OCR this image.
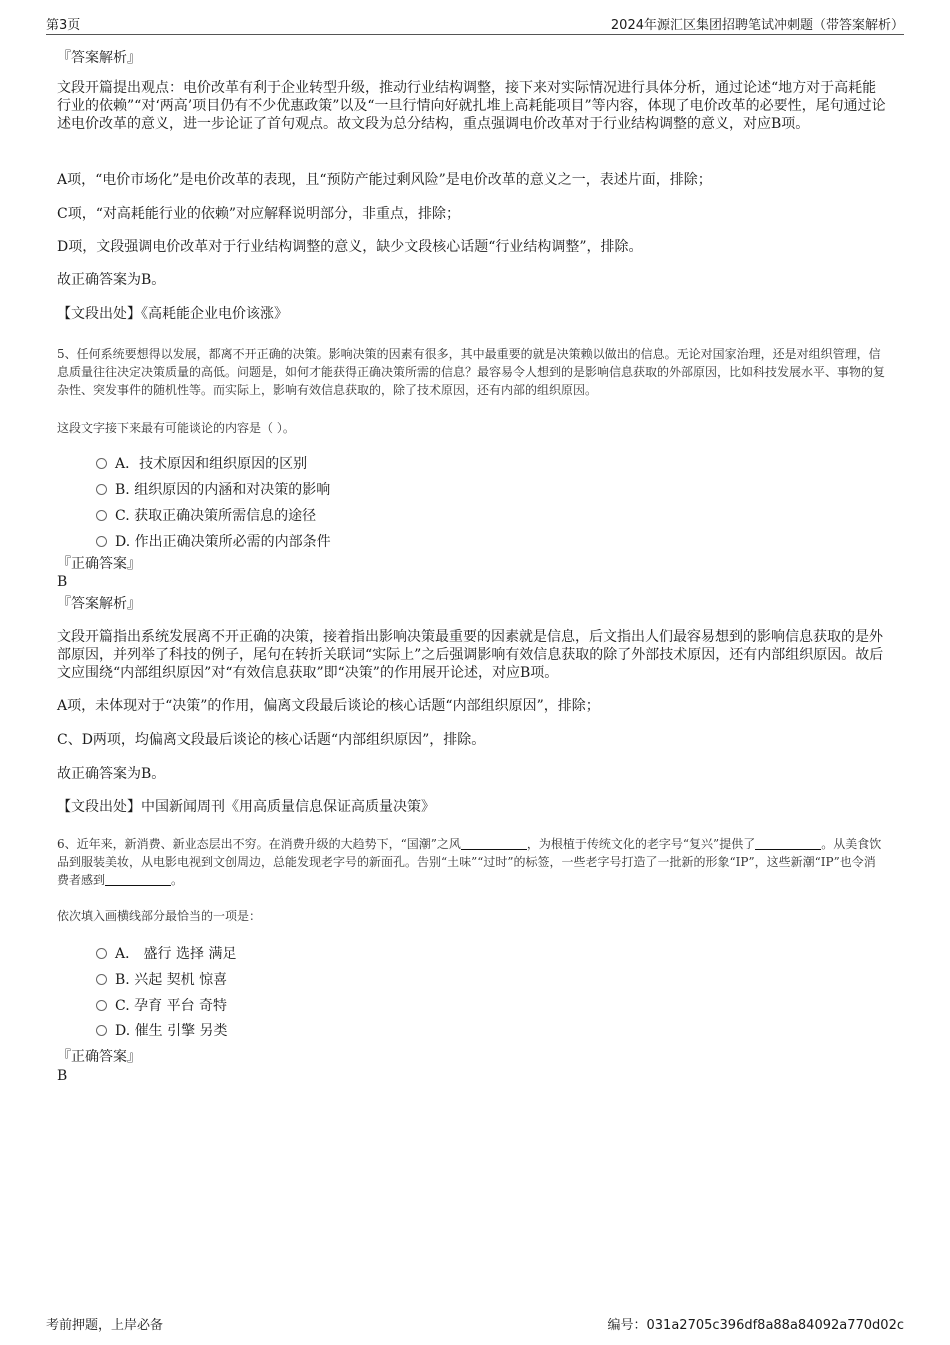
第3页	2024年源汇区集团招聘笔试冲刺题（带答案解析）
『答案解析』
文段开篇提出观点：电价改革有利于企业转型升级，推动行业结构调整，接下来对实际情况进行具体分析，通过论述“地方对于高耗能行业的依赖”“对‘两高’项目仍有不少优惠政策”以及“一旦行情向好就扎堆上高耗能项目”等内容，体现了电价改革的必要性，尾句通过论述电价改革的意义，进一步论证了首句观点。故文段为总分结构，重点强调电价改革对于行业结构调整的意义，对应B项。
A项，“电价市场化”是电价改革的表现，且“预防产能过剩风险”是电价改革的意义之一，表述片面，排除；
C项，“对高耗能行业的依赖”对应解释说明部分，非重点，排除；
D项，文段强调电价改革对于行业结构调整的意义，缺少文段核心话题“行业结构调整”，排除。
故正确答案为B。
【文段出处】《高耗能企业电价该涨》
5、任何系统要想得以发展，都离不开正确的决策。影响决策的因素有很多，其中最重要的就是决策赖以做出的信息。无论对国家治理，还是对组织管理，信息质量往往决定决策质量的高低。问题是，如何才能获得正确决策所需的信息？最容易令人想到的是影响信息获取的外部原因，比如科技发展水平、事物的复杂性、突发事件的随机性等。而实际上，影响有效信息获取的，除了技术原因，还有内部的组织原因。
这段文字接下来最有可能谈论的内容是（ ）。
A．技术原因和组织原因的区别
B. 组织原因的内涵和对决策的影响
C. 获取正确决策所需信息的途径
D. 作出正确决策所必需的内部条件
『正确答案』
B
『答案解析』
文段开篇指出系统发展离不开正确的决策，接着指出影响决策最重要的因素就是信息，后文指出人们最容易想到的影响信息获取的是外部原因，并列举了科技的例子，尾句在转折关联词“实际上”之后强调影响有效信息获取的除了外部技术原因，还有内部组织原因。故后文应围绕“内部组织原因”对“有效信息获取”即“决策”的作用展开论述，对应B项。
A项，未体现对于“决策”的作用，偏离文段最后谈论的核心话题“内部组织原因”，排除；
C、D两项，均偏离文段最后谈论的核心话题“内部组织原因”，排除。
故正确答案为B。
【文段出处】中国新闻周刊《用高质量信息保证高质量决策》
6、近年来，新消费、新业态层出不穷。在消费升级的大趋势下，“国潮”之风	，为根植于传统文化的老字号“复兴”提供了	。从美食饮品到服装美妆，从电影电视到文创周边，总能发现老字号的新面孔。告别“土味”“过时”的标签，一些老字号打造了一批新的形象“IP”，这些新潮“IP”也令消费者感到	。
依次填入画横线部分最恰当的一项是：
A． 盛行 选择 满足
B. 兴起 契机 惊喜
C. 孕育 平台 奇特
D. 催生 引擎 另类
『正确答案』
B
考前押题，上岸必备	编号：031a2705c396df8a88a84092a770d02c
